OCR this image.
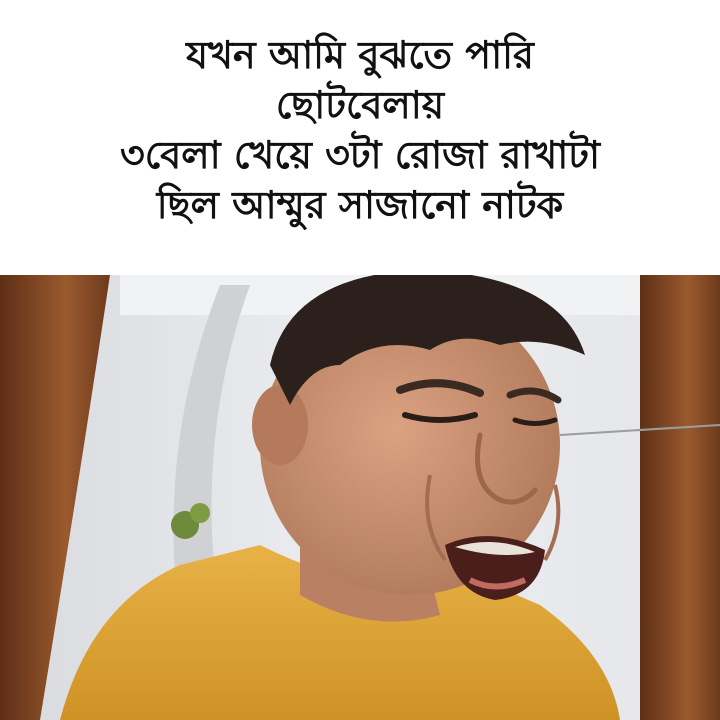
যখন আমি বুঝতে পারি
ছোটবেলায়
৩বেলা খেয়ে ৩টা রোজা রাখাটা
ছিল আম্মুর সাজানো নাটক
